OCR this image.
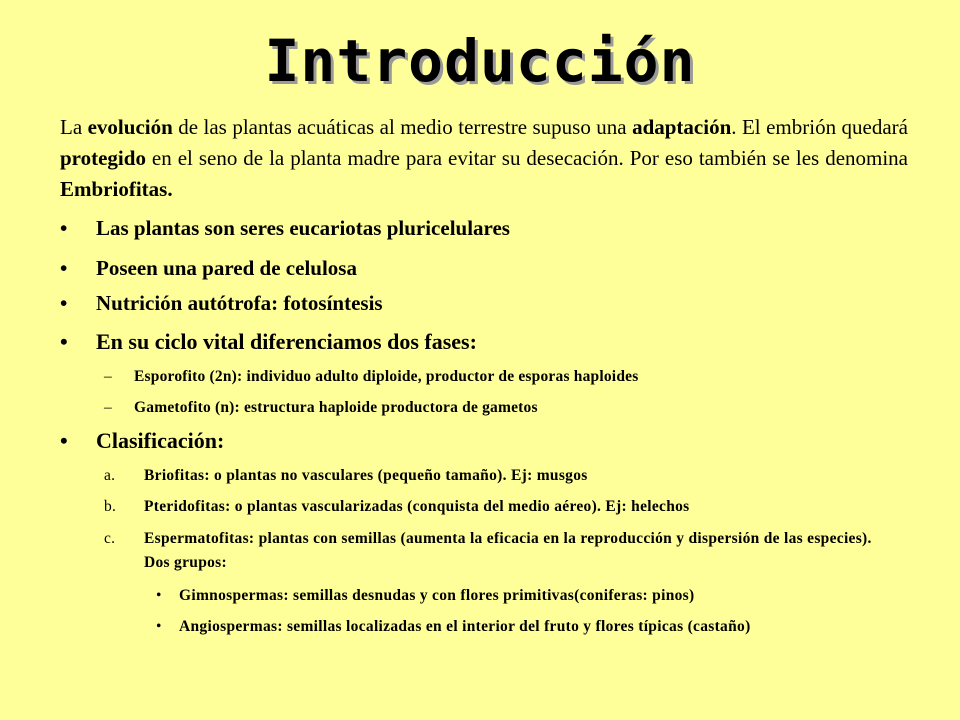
Introducción

La evolución de las plantas acuáticas al medio terrestre supuso una adaptación. El embrión quedará protegido en el seno de la planta madre para evitar su desecación. Por eso también se les denomina Embriofitas.

• Las plantas son seres eucariotas pluricelulares
• Poseen una pared de celulosa
• Nutrición autótrofa: fotosíntesis
• En su ciclo vital diferenciamos dos fases:
– Esporofito (2n): individuo adulto diploide, productor de esporas haploides
– Gametofito (n): estructura haploide productora de gametos
• Clasificación:
a. Briofitas: o plantas no vasculares (pequeño tamaño). Ej: musgos
b. Pteridofitas: o plantas vascularizadas (conquista del medio aéreo). Ej: helechos
c. Espermatofitas: plantas con semillas (aumenta la eficacia en la reproducción y dispersión de las especies). Dos grupos:
• Gimnospermas: semillas desnudas y con flores primitivas(coniferas: pinos)
• Angiospermas: semillas localizadas en el interior del fruto y flores típicas (castaño)
